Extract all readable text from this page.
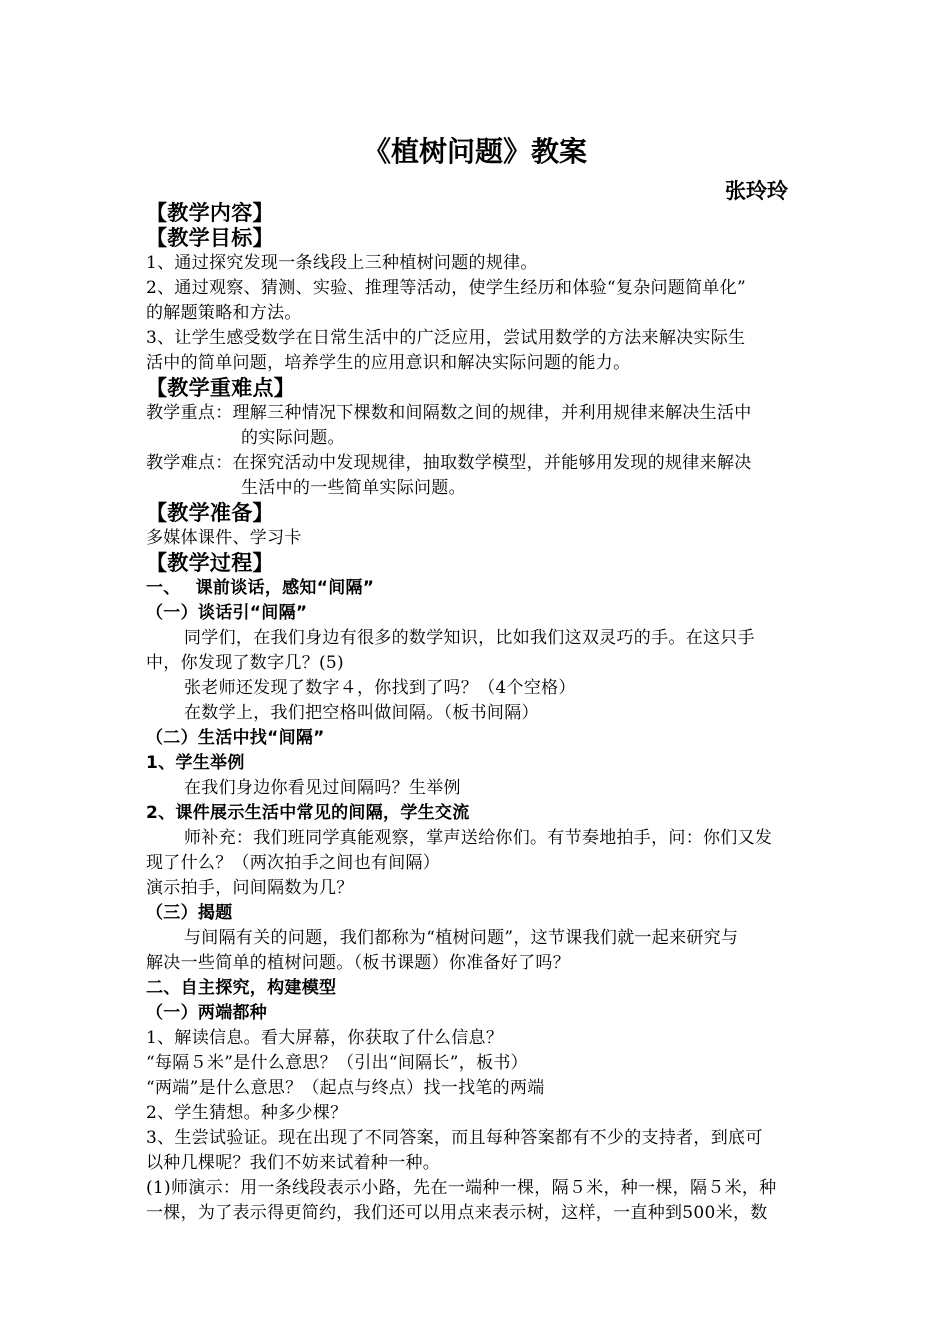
《植树问题》教案
张玲玲
【教学内容】
【教学目标】
1、通过探究发现一条线段上三种植树问题的规律。
2、通过观察、猜测、实验、推理等活动，使学生经历和体验“复杂问题简单化”
的解题策略和方法。
3、让学生感受数学在日常生活中的广泛应用，尝试用数学的方法来解决实际生
活中的简单问题，培养学生的应用意识和解决实际问题的能力。
【教学重难点】
教学重点：理解三种情况下棵数和间隔数之间的规律，并利用规律来解决生活中
的实际问题。
教学难点：在探究活动中发现规律，抽取数学模型，并能够用发现的规律来解决
生活中的一些简单实际问题。
【教学准备】
多媒体课件、学习卡
【教学过程】
一、　 课前谈话，感知“间隔”
（一）谈话引“间隔”
同学们，在我们身边有很多的数学知识，比如我们这双灵巧的手。在这只手
中，你发现了数字几？(5)
张老师还发现了数字４，你找到了吗？（4个空格）
在数学上，我们把空格叫做间隔。（板书间隔）
（二）生活中找“间隔”
1、学生举例
在我们身边你看见过间隔吗？生举例
2、课件展示生活中常见的间隔，学生交流
师补充：我们班同学真能观察，掌声送给你们。有节奏地拍手，问：你们又发
现了什么？（两次拍手之间也有间隔）
演示拍手，问间隔数为几？
（三）揭题
与间隔有关的问题，我们都称为“植树问题”，这节课我们就一起来研究与
解决一些简单的植树问题。（板书课题）你准备好了吗？
二、自主探究，构建模型
（一）两端都种
1、解读信息。看大屏幕，你获取了什么信息？
“每隔５米”是什么意思？（引出“间隔长”，板书）
“两端”是什么意思？（起点与终点）找一找笔的两端
2、学生猜想。种多少棵？
3、生尝试验证。现在出现了不同答案，而且每种答案都有不少的支持者，到底可
以种几棵呢？我们不妨来试着种一种。
(1)师演示：用一条线段表示小路，先在一端种一棵，隔５米，种一棵，隔５米，种
一棵，为了表示得更简约，我们还可以用点来表示树，这样，一直种到500米，数
